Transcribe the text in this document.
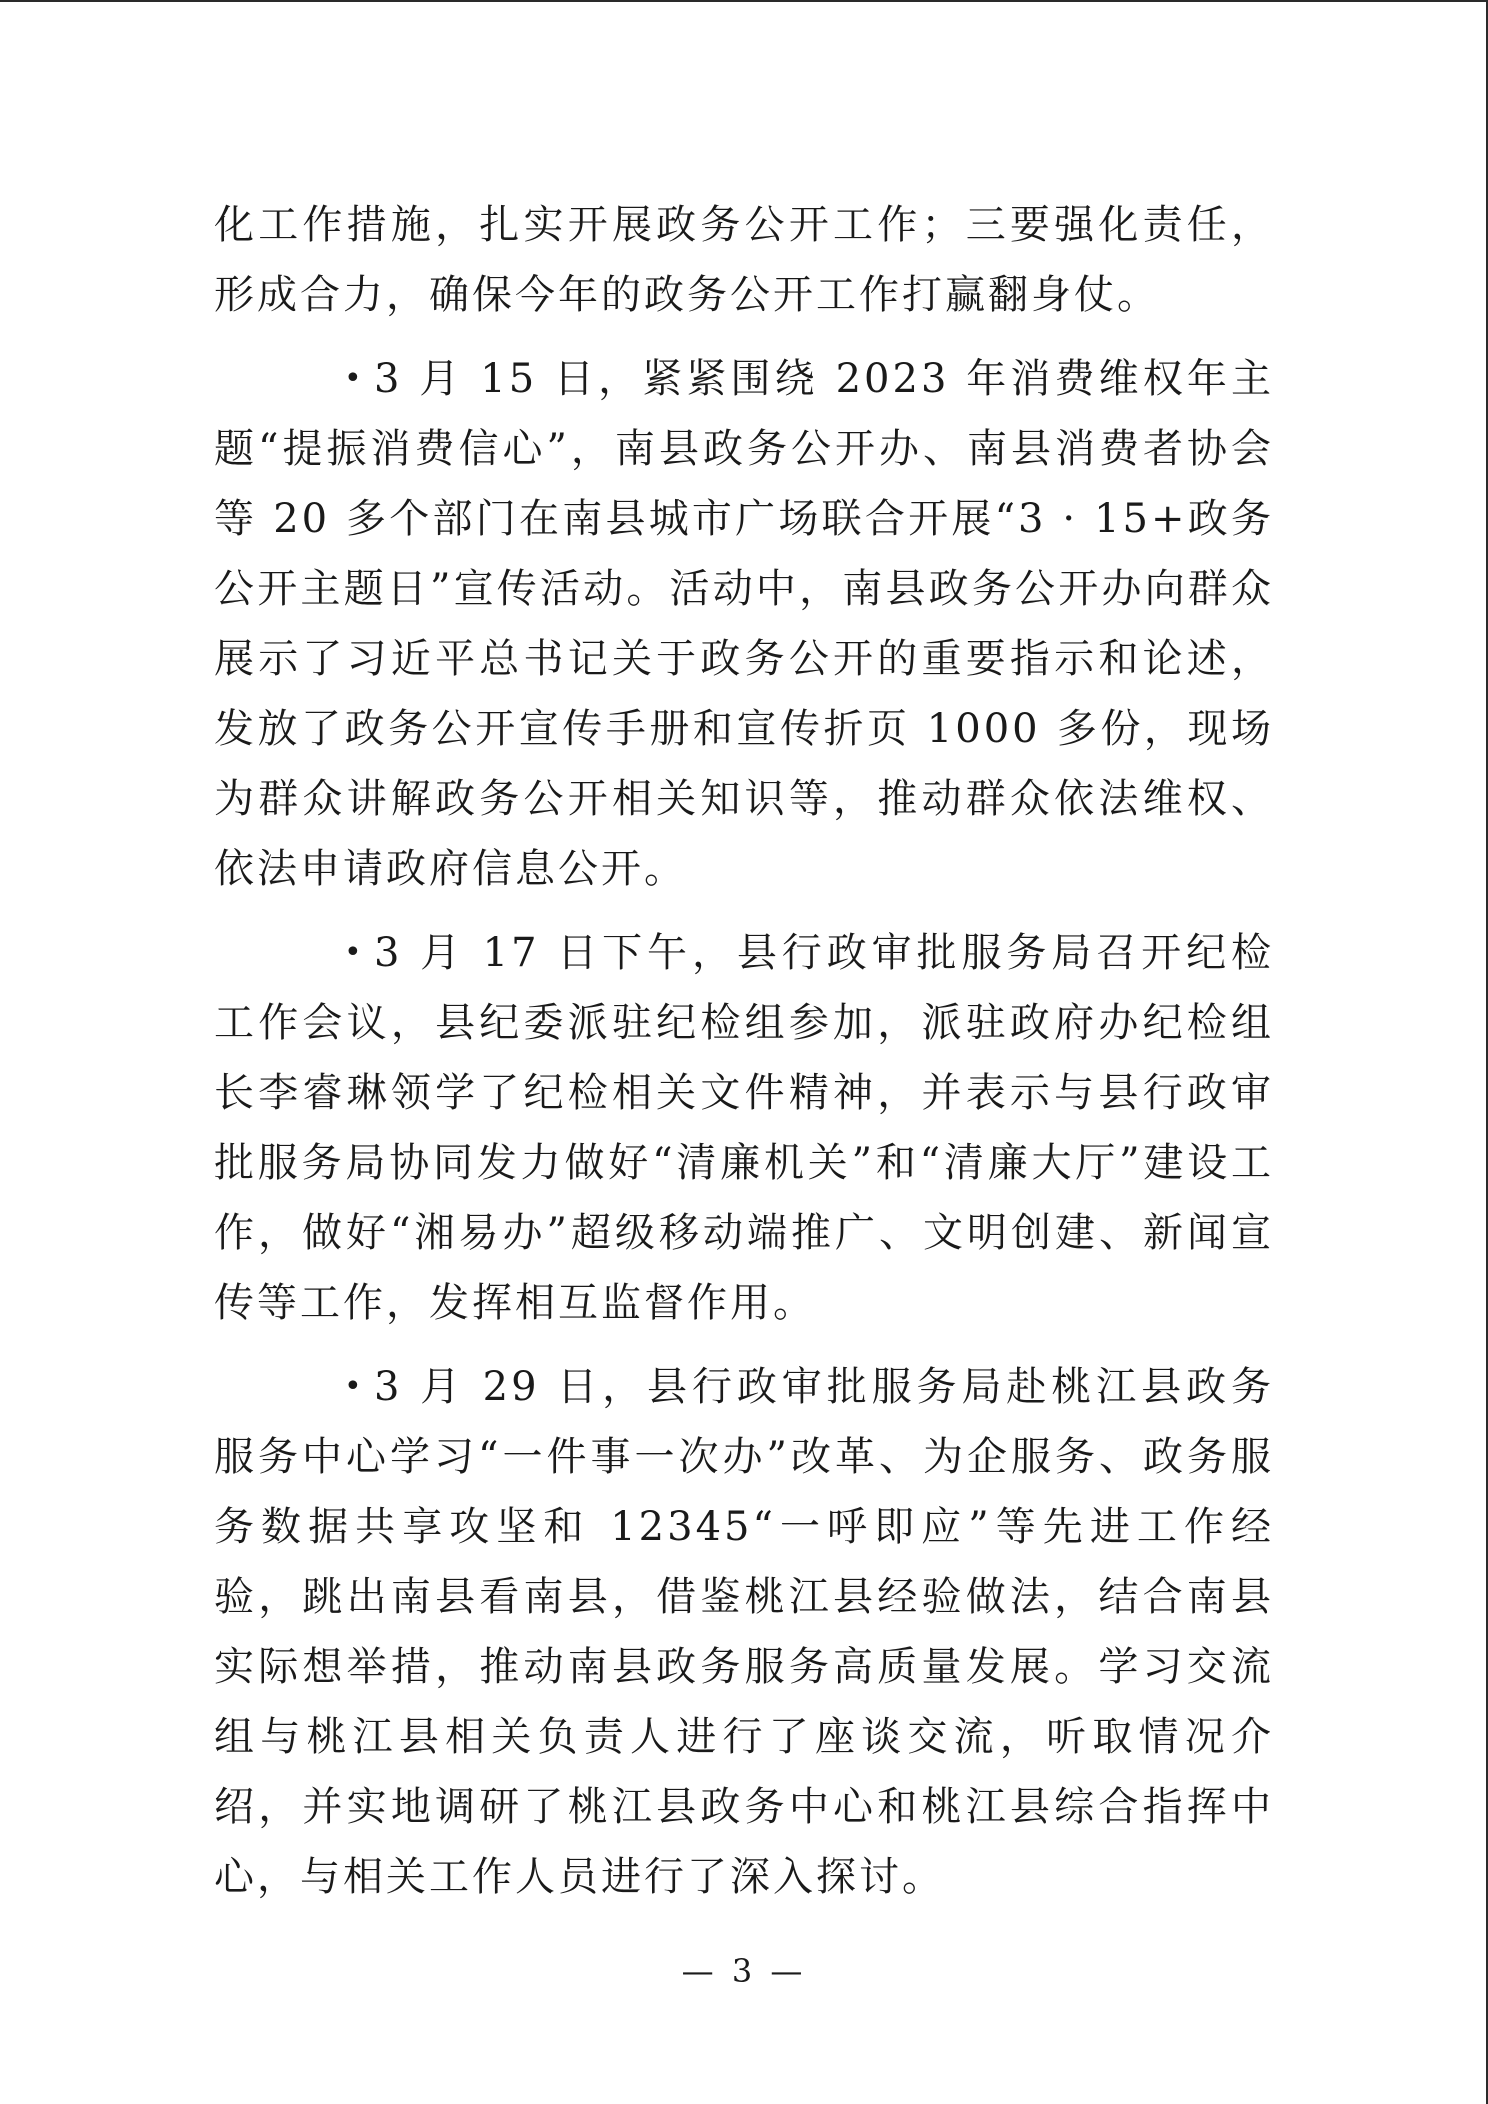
化工作措施，扎实开展政务公开工作；三要强化责任，形成合力，确保今年的政务公开工作打赢翻身仗。

• 3 月 15 日，紧紧围绕 2023 年消费维权年主题“提振消费信心”，南县政务公开办、南县消费者协会等 20 多个部门在南县城市广场联合开展“3 · 15+政务公开主题日”宣传活动。活动中，南县政务公开办向群众展示了习近平总书记关于政务公开的重要指示和论述，发放了政务公开宣传手册和宣传折页 1000 多份，现场为群众讲解政务公开相关知识等，推动群众依法维权、依法申请政府信息公开。

• 3 月 17 日下午，县行政审批服务局召开纪检工作会议，县纪委派驻纪检组参加，派驻政府办纪检组长李睿琳领学了纪检相关文件精神，并表示与县行政审批服务局协同发力做好“清廉机关”和“清廉大厅”建设工作，做好“湘易办”超级移动端推广、文明创建、新闻宣传等工作，发挥相互监督作用。

• 3 月 29 日，县行政审批服务局赴桃江县政务服务中心学习“一件事一次办”改革、为企服务、政务服务数据共享攻坚和 12345“一呼即应”等先进工作经验，跳出南县看南县，借鉴桃江县经验做法，结合南县实际想举措，推动南县政务服务高质量发展。学习交流组与桃江县相关负责人进行了座谈交流，听取情况介绍，并实地调研了桃江县政务中心和桃江县综合指挥中心，与相关工作人员进行了深入探讨。

— 3 —
